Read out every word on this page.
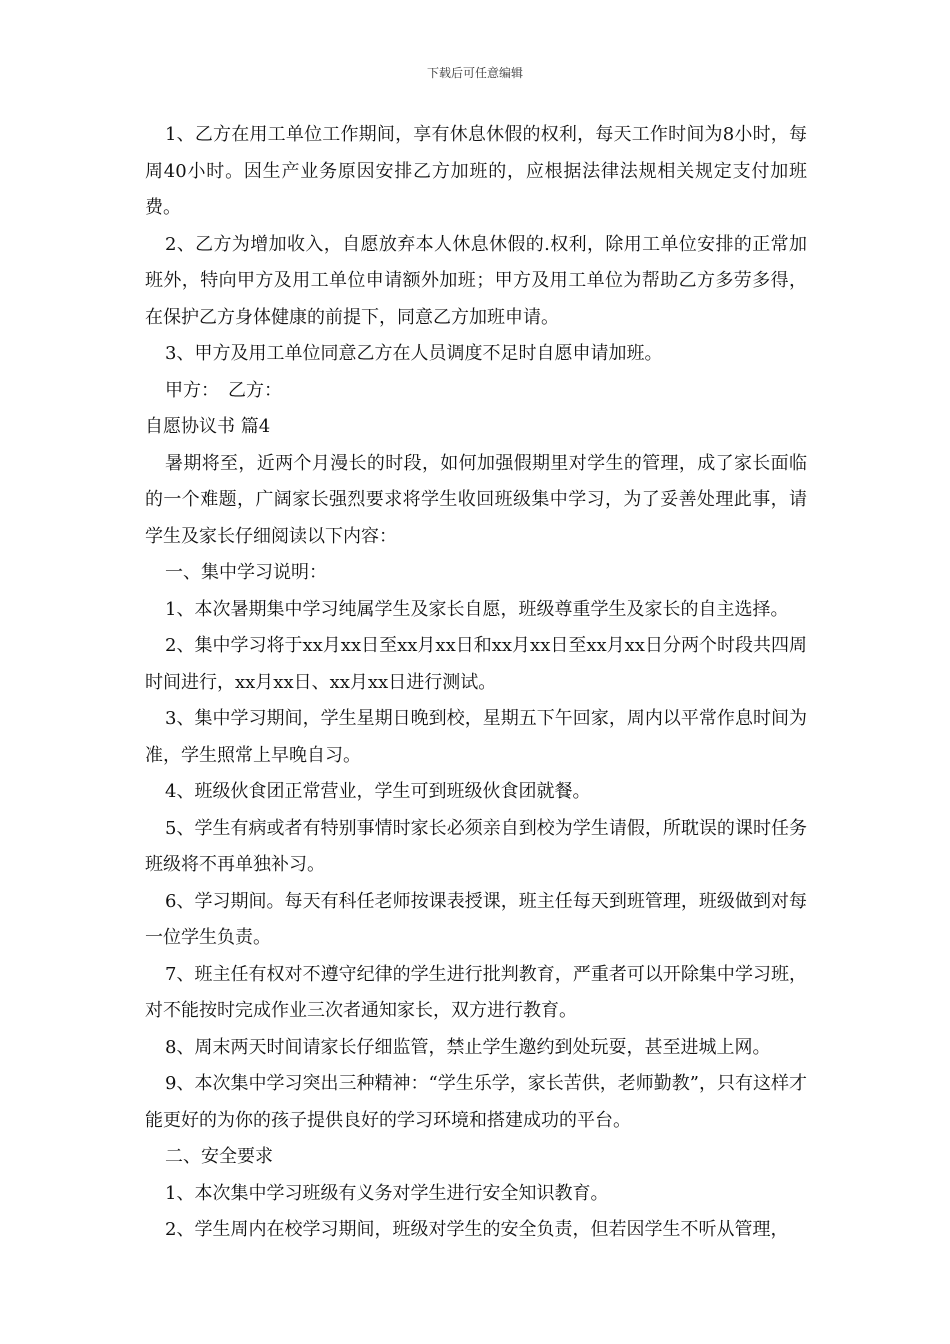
下载后可任意编辑

1、乙方在用工单位工作期间，享有休息休假的权利，每天工作时间为8小时，每周40小时。因生产业务原因安排乙方加班的，应根据法律法规相关规定支付加班费。

2、乙方为增加收入，自愿放弃本人休息休假的.权利，除用工单位安排的正常加班外，特向甲方及用工单位申请额外加班；甲方及用工单位为帮助乙方多劳多得，在保护乙方身体健康的前提下，同意乙方加班申请。

3、甲方及用工单位同意乙方在人员调度不足时自愿申请加班。

甲方：　乙方：

自愿协议书 篇4

暑期将至，近两个月漫长的时段，如何加强假期里对学生的管理，成了家长面临的一个难题，广阔家长强烈要求将学生收回班级集中学习，为了妥善处理此事，请学生及家长仔细阅读以下内容：

一、集中学习说明：

1、本次暑期集中学习纯属学生及家长自愿，班级尊重学生及家长的自主选择。

2、集中学习将于xx月xx日至xx月xx日和xx月xx日至xx月xx日分两个时段共四周时间进行，xx月xx日、xx月xx日进行测试。

3、集中学习期间，学生星期日晚到校，星期五下午回家，周内以平常作息时间为准，学生照常上早晚自习。

4、班级伙食团正常营业，学生可到班级伙食团就餐。

5、学生有病或者有特别事情时家长必须亲自到校为学生请假，所耽误的课时任务班级将不再单独补习。

6、学习期间。每天有科任老师按课表授课，班主任每天到班管理，班级做到对每一位学生负责。

7、班主任有权对不遵守纪律的学生进行批判教育，严重者可以开除集中学习班，对不能按时完成作业三次者通知家长，双方进行教育。

8、周末两天时间请家长仔细监管，禁止学生邀约到处玩耍，甚至进城上网。

9、本次集中学习突出三种精神：“学生乐学，家长苦供，老师勤教”，只有这样才能更好的为你的孩子提供良好的学习环境和搭建成功的平台。

二、安全要求

1、本次集中学习班级有义务对学生进行安全知识教育。

2、学生周内在校学习期间，班级对学生的安全负责，但若因学生不听从管理，
